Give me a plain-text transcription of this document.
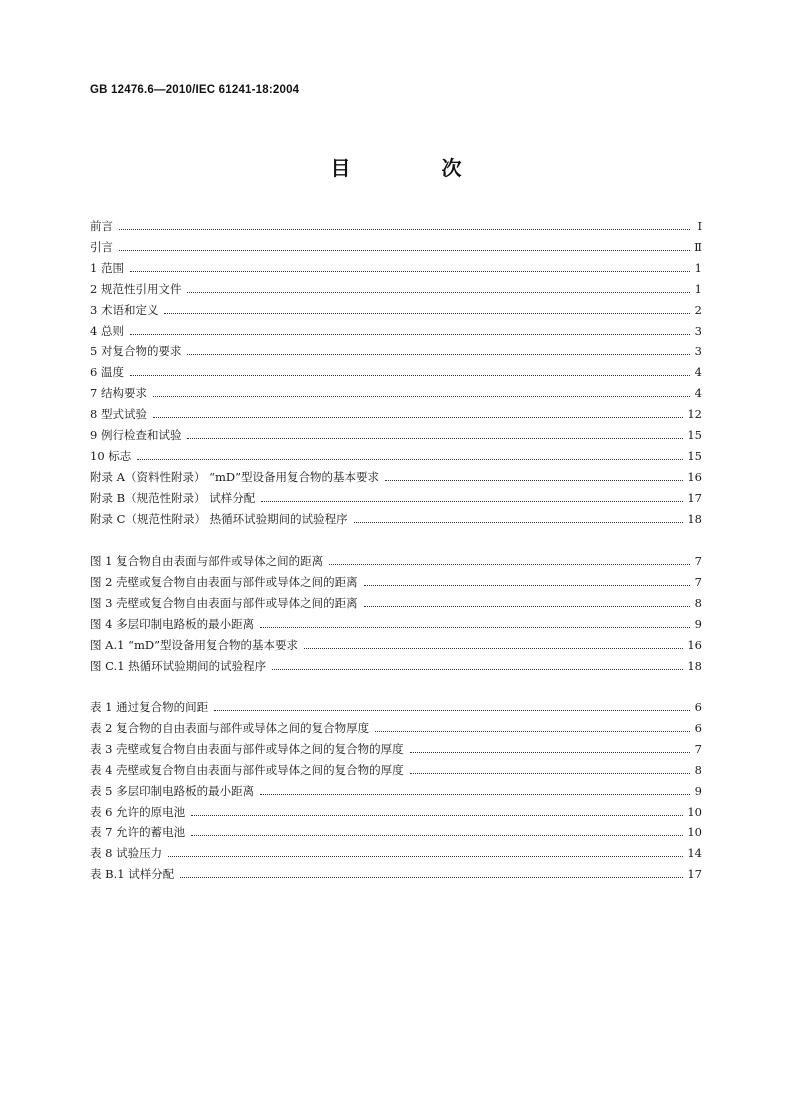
GB 12476.6—2010/IEC 61241-18:2004
目 次
前言	Ⅰ
引言	Ⅱ
1 范围	1
2 规范性引用文件	1
3 术语和定义	2
4 总则	3
5 对复合物的要求	3
6 温度	4
7 结构要求	4
8 型式试验	12
9 例行检查和试验	15
10 标志	15
附录 A（资料性附录） “mD”型设备用复合物的基本要求	16
附录 B（规范性附录） 试样分配	17
附录 C（规范性附录） 热循环试验期间的试验程序	18
图 1 复合物自由表面与部件或导体之间的距离	7
图 2 壳壁或复合物自由表面与部件或导体之间的距离	7
图 3 壳壁或复合物自由表面与部件或导体之间的距离	8
图 4 多层印制电路板的最小距离	9
图 A.1 “mD”型设备用复合物的基本要求	16
图 C.1 热循环试验期间的试验程序	18
表 1 通过复合物的间距	6
表 2 复合物的自由表面与部件或导体之间的复合物厚度	6
表 3 壳壁或复合物自由表面与部件或导体之间的复合物的厚度	7
表 4 壳壁或复合物自由表面与部件或导体之间的复合物的厚度	8
表 5 多层印制电路板的最小距离	9
表 6 允许的原电池	10
表 7 允许的蓄电池	10
表 8 试验压力	14
表 B.1 试样分配	17
